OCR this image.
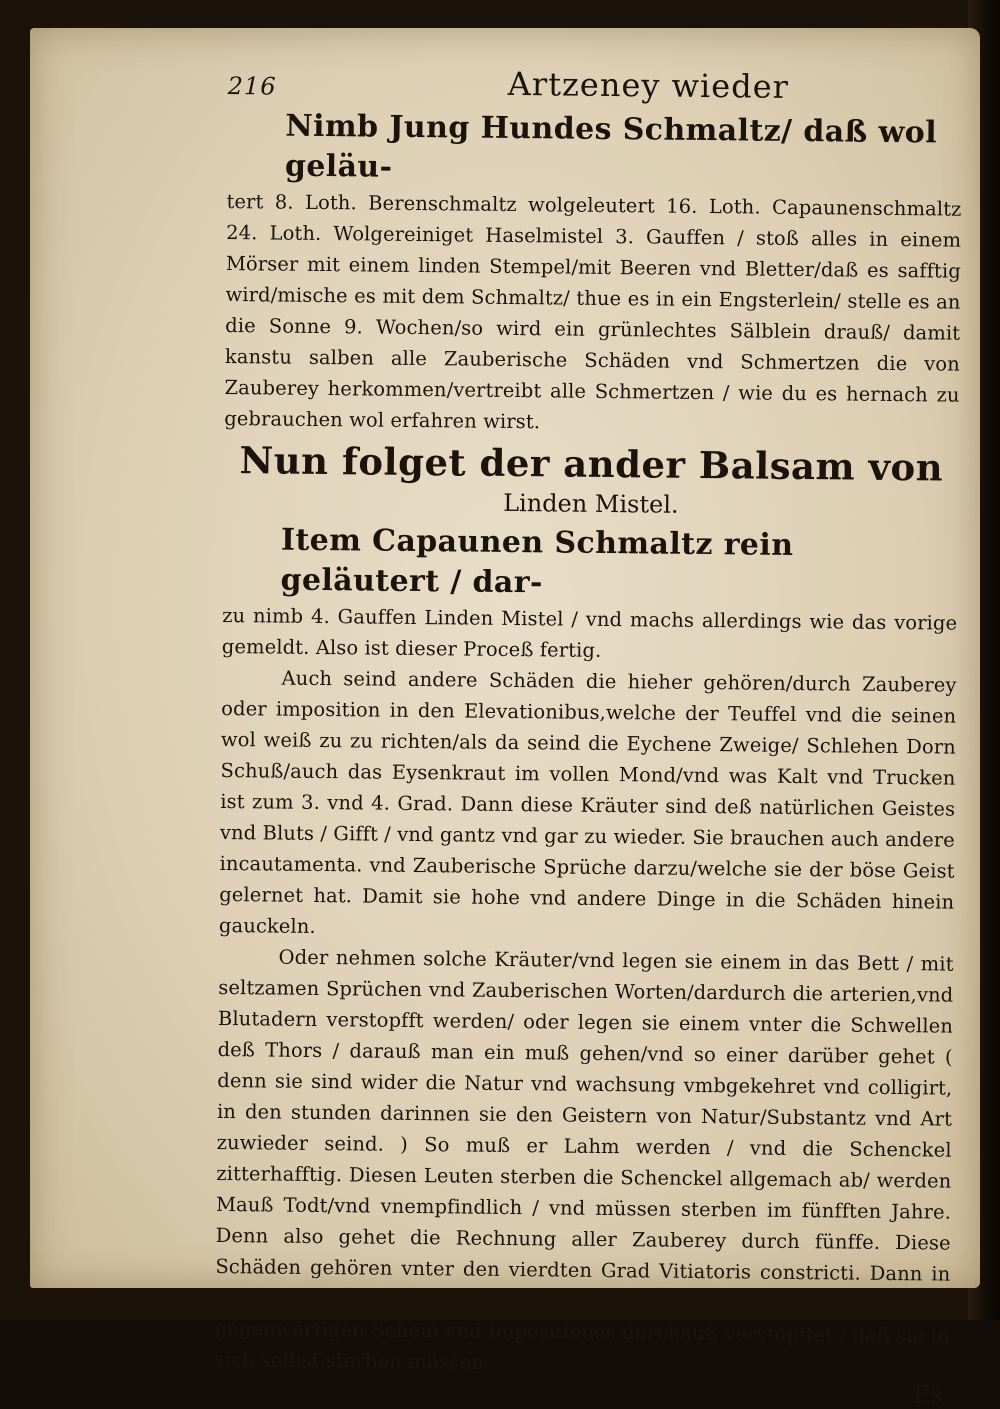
216	Artzeney wieder
Nimb Jung Hundes Schmaltz/ daß wol geläu-

tert 8. Loth. Berenschmaltz wolgeleutert 16. Loth. Capaunenschmaltz 24. Loth. Wolgereiniget Haselmistel 3. Gauffen / stoß alles in einem Mörser mit einem linden Stempel/mit Beeren vnd Bletter/daß es safftig wird/mische es mit dem Schmaltz/ thue es in ein Engsterlein/ stelle es an die Sonne 9. Wochen/so wird ein grünlechtes Sälblein drauß/ damit kanstu salben alle Zauberische Schäden vnd Schmertzen die von Zauberey herkommen/vertreibt alle Schmertzen / wie du es hernach zu gebrauchen wol erfahren wirst.

Nun folget der ander Balsam von
Linden Mistel.
Item Capaunen Schmaltz rein geläutert / dar-

zu nimb 4. Gauffen Linden Mistel / vnd machs allerdings wie das vorige gemeldt. Also ist dieser Proceß fertig.

Auch seind andere Schäden die hieher gehören/durch Zauberey oder imposition in den Elevationibus,welche der Teuffel vnd die seinen wol weiß zu zu richten/als da seind die Eychene Zweige/ Schlehen Dorn Schuß/auch das Eysenkraut im vollen Mond/vnd was Kalt vnd Trucken ist zum 3. vnd 4. Grad. Dann diese Kräuter sind deß natürlichen Geistes vnd Bluts / Gifft / vnd gantz vnd gar zu wieder. Sie brauchen auch andere incautamenta. vnd Zauberische Sprüche darzu/welche sie der böse Geist gelernet hat. Damit sie hohe vnd andere Dinge in die Schäden hinein gauckeln.

Oder nehmen solche Kräuter/vnd legen sie einem in das Bett / mit seltzamen Sprüchen vnd Zauberischen Worten/dardurch die arterien,vnd Blutadern verstopfft werden/ oder legen sie einem vnter die Schwellen deß Thors / darauß man ein muß gehen/vnd so einer darüber gehet ( denn sie sind wider die Natur vnd wachsung vmbgekehret vnd colligirt, in den stunden darinnen sie den Geistern von Natur/Substantz vnd Art zuwieder seind. ) So muß er Lahm werden / vnd die Schenckel zitterhafftig. Diesen Leuten sterben die Schenckel allgemach ab/ werden Mauß Todt/vnd vnempfindlich / vnd müssen sterben im fünfften Jahre. Denn also gehet die Rechnung aller Zauberey durch fünffe. Diese Schäden gehören vnter den vierdten Grad Vitiatoris constricti. Dann in diesen werden die natürlichen Geister deß Lebens / durch gegenwärtigen Schein vnd Impositiones durchauß verstopffet / daß sie in sich selbst sterben müssen.

Es
